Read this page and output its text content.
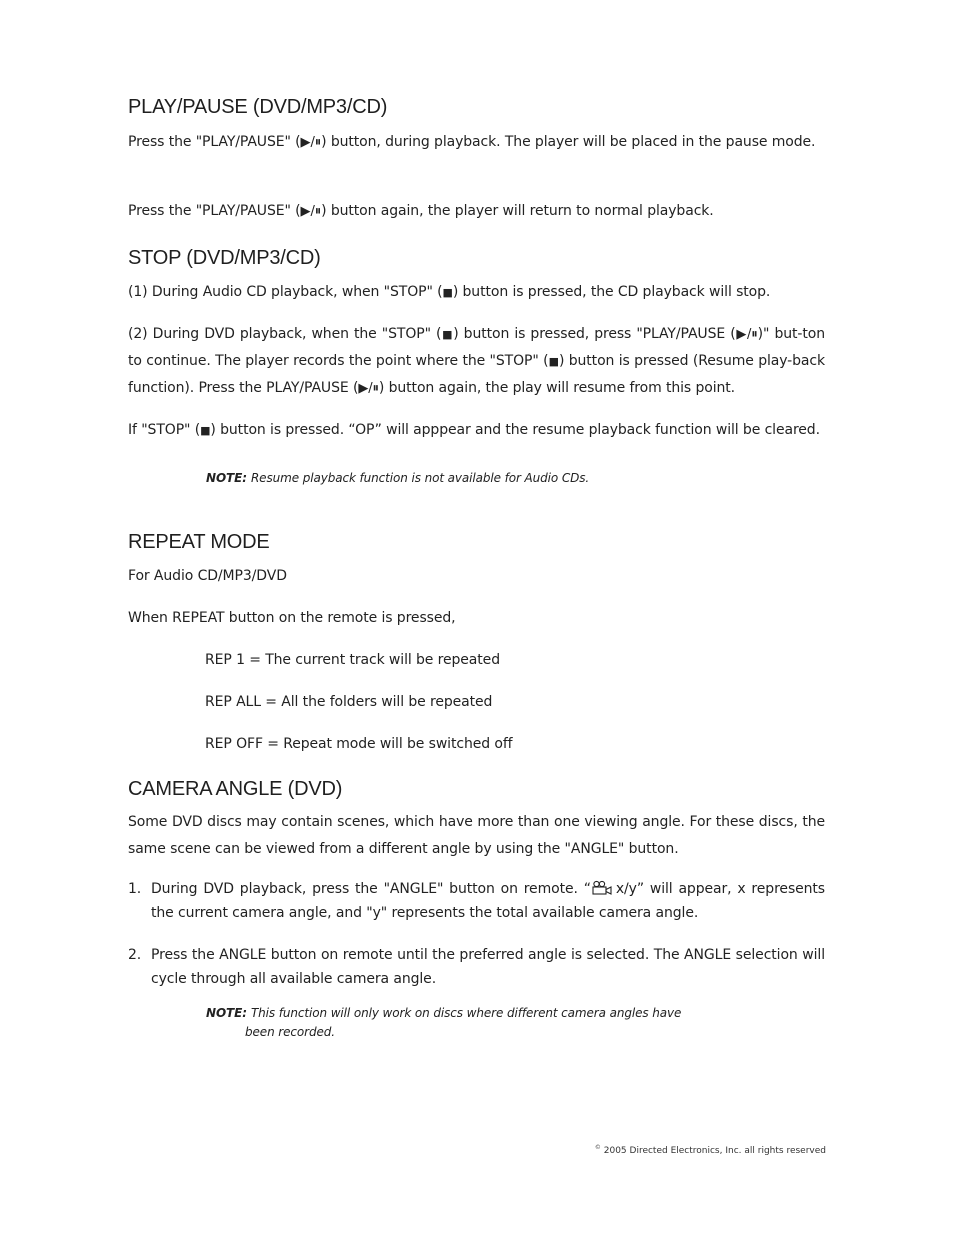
PLAY/PAUSE (DVD/MP3/CD)
Press the "PLAY/PAUSE" (▶/⏸) button, during playback. The player will be placed in the pause mode.
Press the "PLAY/PAUSE" (▶/⏸) button again, the player will return to normal playback.
STOP (DVD/MP3/CD)
(1) During Audio CD playback, when "STOP" (■) button is pressed, the CD playback will stop.
(2) During DVD playback, when the "STOP" (■) button is pressed, press "PLAY/PAUSE (▶/⏸)" but-ton to continue. The player records the point where the "STOP" (■) button is pressed (Resume play-back function). Press the PLAY/PAUSE (▶/⏸) button again, the play will resume from this point.
If "STOP" (■) button is pressed. “OP” will apppear and the resume playback function will be cleared.
NOTE: Resume playback function is not available for Audio CDs.
REPEAT MODE
For Audio CD/MP3/DVD
When REPEAT button on the remote is pressed,
REP 1 = The current track will be repeated
REP ALL = All the folders will be repeated
REP OFF = Repeat mode will be switched off
CAMERA ANGLE (DVD)
Some DVD discs may contain scenes, which have more than one viewing angle. For these discs, the same scene can be viewed from a different angle by using the "ANGLE" button.
1. During DVD playback, press the "ANGLE" button on remote. “ x/y” will appear, x represents the current camera angle, and "y" represents the total available camera angle.
2. Press the ANGLE button on remote until the preferred angle is selected. The ANGLE selection will cycle through all available camera angle.
NOTE: This function will only work on discs where different camera angles have
been recorded.
© 2005 Directed Electronics, Inc. all rights reserved
